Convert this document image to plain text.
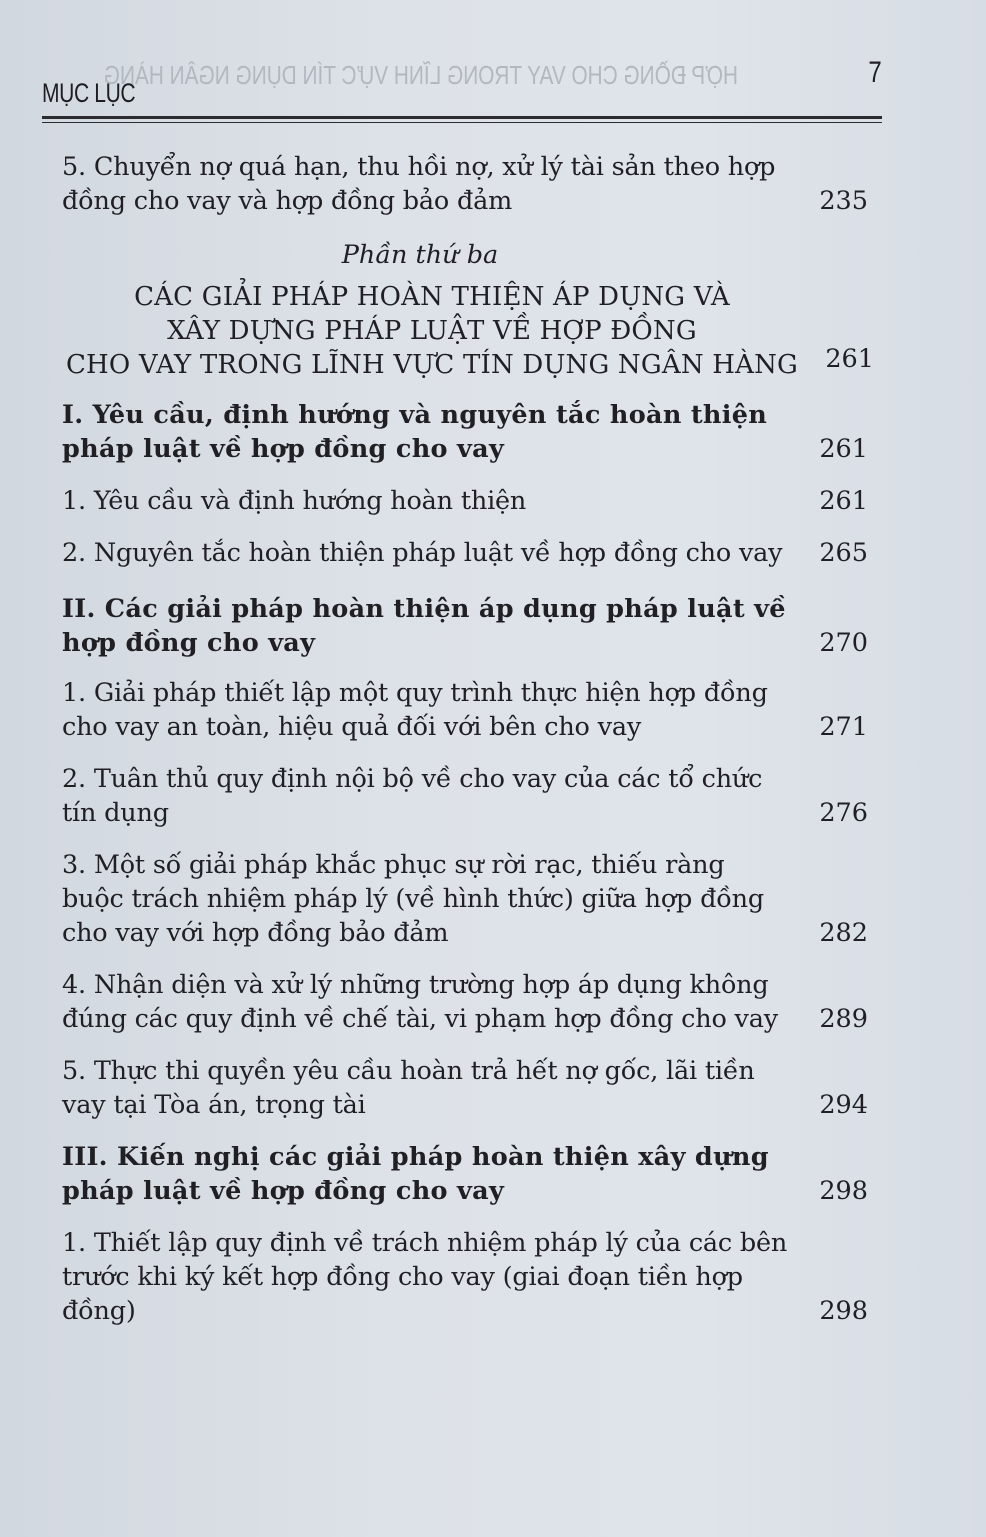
HỢP ĐỒNG CHO VAY TRONG LĨNH VỰC TÍN DỤNG NGÂN HÀNG
MỤC LỤC
7
5. Chuyển nợ quá hạn, thu hồi nợ, xử lý tài sản theo hợp đồng cho vay và hợp đồng bảo đảm	235
Phần thứ ba
CÁC GIẢI PHÁP HOÀN THIỆN ÁP DỤNG VÀ
XÂY DỰNG PHÁP LUẬT VỀ HỢP ĐỒNG
CHO VAY TRONG LĨNH VỰC TÍN DỤNG NGÂN HÀNG 261
I. Yêu cầu, định hướng và nguyên tắc hoàn thiện pháp luật về hợp đồng cho vay	261
1. Yêu cầu và định hướng hoàn thiện	261
2. Nguyên tắc hoàn thiện pháp luật về hợp đồng cho vay	265
II. Các giải pháp hoàn thiện áp dụng pháp luật về hợp đồng cho vay	270
1. Giải pháp thiết lập một quy trình thực hiện hợp đồng cho vay an toàn, hiệu quả đối với bên cho vay	271
2. Tuân thủ quy định nội bộ về cho vay của các tổ chức tín dụng	276
3. Một số giải pháp khắc phục sự rời rạc, thiếu ràng buộc trách nhiệm pháp lý (về hình thức) giữa hợp đồng cho vay với hợp đồng bảo đảm	282
4. Nhận diện và xử lý những trường hợp áp dụng không đúng các quy định về chế tài, vi phạm hợp đồng cho vay	289
5. Thực thi quyền yêu cầu hoàn trả hết nợ gốc, lãi tiền vay tại Tòa án, trọng tài	294
III. Kiến nghị các giải pháp hoàn thiện xây dựng pháp luật về hợp đồng cho vay	298
1. Thiết lập quy định về trách nhiệm pháp lý của các bên trước khi ký kết hợp đồng cho vay (giai đoạn tiền hợp đồng)	298
